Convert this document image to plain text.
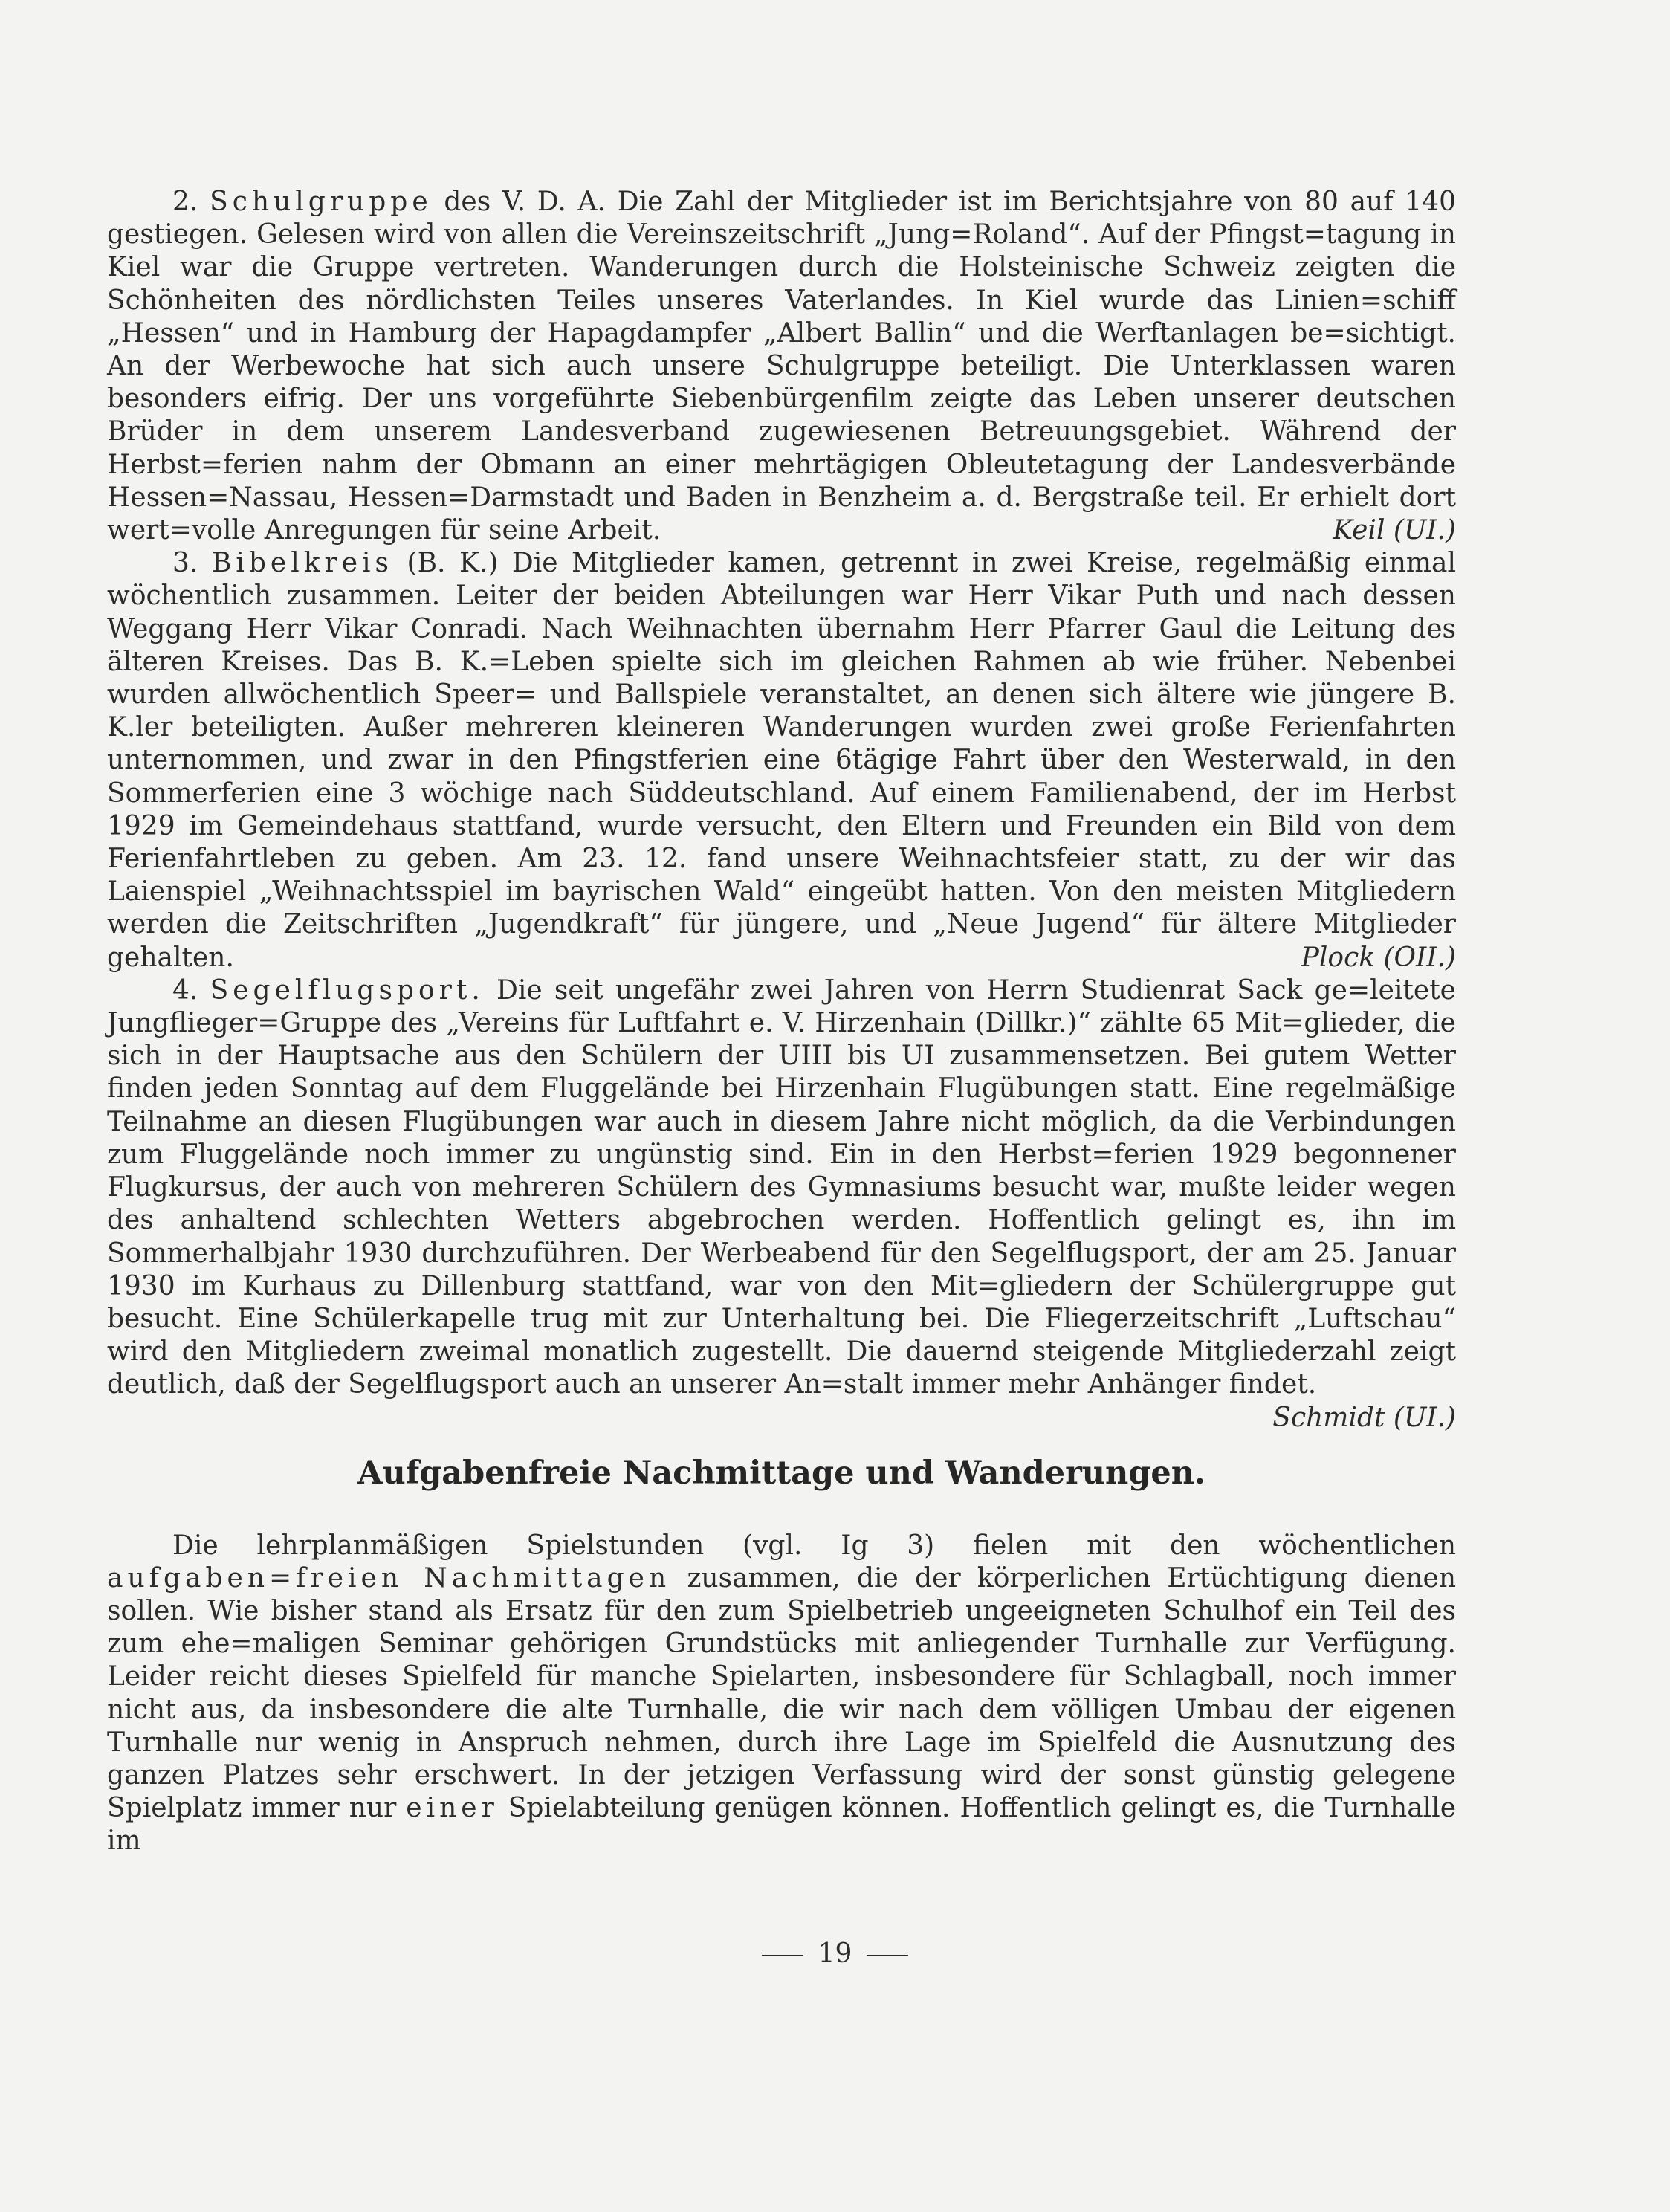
2. Schulgruppe des V. D. A. Die Zahl der Mitglieder ist im Berichtsjahre von 80 auf 140 gestiegen. Gelesen wird von allen die Vereinszeitschrift „Jung=Roland“. Auf der Pfingst=tagung in Kiel war die Gruppe vertreten. Wanderungen durch die Holsteinische Schweiz zeigten die Schönheiten des nördlichsten Teiles unseres Vaterlandes. In Kiel wurde das Linien=schiff „Hessen“ und in Hamburg der Hapagdampfer „Albert Ballin“ und die Werftanlagen be=sichtigt. An der Werbewoche hat sich auch unsere Schulgruppe beteiligt. Die Unterklassen waren besonders eifrig. Der uns vorgeführte Siebenbürgenfilm zeigte das Leben unserer deutschen Brüder in dem unserem Landesverband zugewiesenen Betreuungsgebiet. Während der Herbst=ferien nahm der Obmann an einer mehrtägigen Obleutetagung der Landesverbände Hessen=Nassau, Hessen=Darmstadt und Baden in Benzheim a. d. Bergstraße teil. Er erhielt dort wert=volle Anregungen für seine Arbeit.	Keil (UI.)

3. Bibelkreis (B. K.) Die Mitglieder kamen, getrennt in zwei Kreise, regelmäßig einmal wöchentlich zusammen. Leiter der beiden Abteilungen war Herr Vikar Puth und nach dessen Weggang Herr Vikar Conradi. Nach Weihnachten übernahm Herr Pfarrer Gaul die Leitung des älteren Kreises. Das B. K.=Leben spielte sich im gleichen Rahmen ab wie früher. Nebenbei wurden allwöchentlich Speer= und Ballspiele veranstaltet, an denen sich ältere wie jüngere B. K.ler beteiligten. Außer mehreren kleineren Wanderungen wurden zwei große Ferienfahrten unternommen, und zwar in den Pfingstferien eine 6tägige Fahrt über den Westerwald, in den Sommerferien eine 3 wöchige nach Süddeutschland. Auf einem Familienabend, der im Herbst 1929 im Gemeindehaus stattfand, wurde versucht, den Eltern und Freunden ein Bild von dem Ferienfahrtleben zu geben. Am 23. 12. fand unsere Weihnachtsfeier statt, zu der wir das Laienspiel „Weihnachtsspiel im bayrischen Wald“ eingeübt hatten. Von den meisten Mitgliedern werden die Zeitschriften „Jugendkraft“ für jüngere, und „Neue Jugend“ für ältere Mitglieder gehalten.	Plock (OII.)

4. Segelflugsport. Die seit ungefähr zwei Jahren von Herrn Studienrat Sack ge=leitete Jungflieger=Gruppe des „Vereins für Luftfahrt e. V. Hirzenhain (Dillkr.)“ zählte 65 Mit=glieder, die sich in der Hauptsache aus den Schülern der UIII bis UI zusammensetzen. Bei gutem Wetter finden jeden Sonntag auf dem Fluggelände bei Hirzenhain Flugübungen statt. Eine regelmäßige Teilnahme an diesen Flugübungen war auch in diesem Jahre nicht möglich, da die Verbindungen zum Fluggelände noch immer zu ungünstig sind. Ein in den Herbst=ferien 1929 begonnener Flugkursus, der auch von mehreren Schülern des Gymnasiums besucht war, mußte leider wegen des anhaltend schlechten Wetters abgebrochen werden. Hoffentlich gelingt es, ihn im Sommerhalbjahr 1930 durchzuführen. Der Werbeabend für den Segelflugsport, der am 25. Januar 1930 im Kurhaus zu Dillenburg stattfand, war von den Mit=gliedern der Schülergruppe gut besucht. Eine Schülerkapelle trug mit zur Unterhaltung bei. Die Fliegerzeitschrift „Luftschau“ wird den Mitgliedern zweimal monatlich zugestellt. Die dauernd steigende Mitgliederzahl zeigt deutlich, daß der Segelflugsport auch an unserer An=stalt immer mehr Anhänger findet.
Schmidt (UI.)

Aufgabenfreie Nachmittage und Wanderungen.

Die lehrplanmäßigen Spielstunden (vgl. Ig 3) fielen mit den wöchentlichen aufgaben=freien Nachmittagen zusammen, die der körperlichen Ertüchtigung dienen sollen. Wie bisher stand als Ersatz für den zum Spielbetrieb ungeeigneten Schulhof ein Teil des zum ehe=maligen Seminar gehörigen Grundstücks mit anliegender Turnhalle zur Verfügung. Leider reicht dieses Spielfeld für manche Spielarten, insbesondere für Schlagball, noch immer nicht aus, da insbesondere die alte Turnhalle, die wir nach dem völligen Umbau der eigenen Turnhalle nur wenig in Anspruch nehmen, durch ihre Lage im Spielfeld die Ausnutzung des ganzen Platzes sehr erschwert. In der jetzigen Verfassung wird der sonst günstig gelegene Spielplatz immer nur einer Spielabteilung genügen können. Hoffentlich gelingt es, die Turnhalle im

19
